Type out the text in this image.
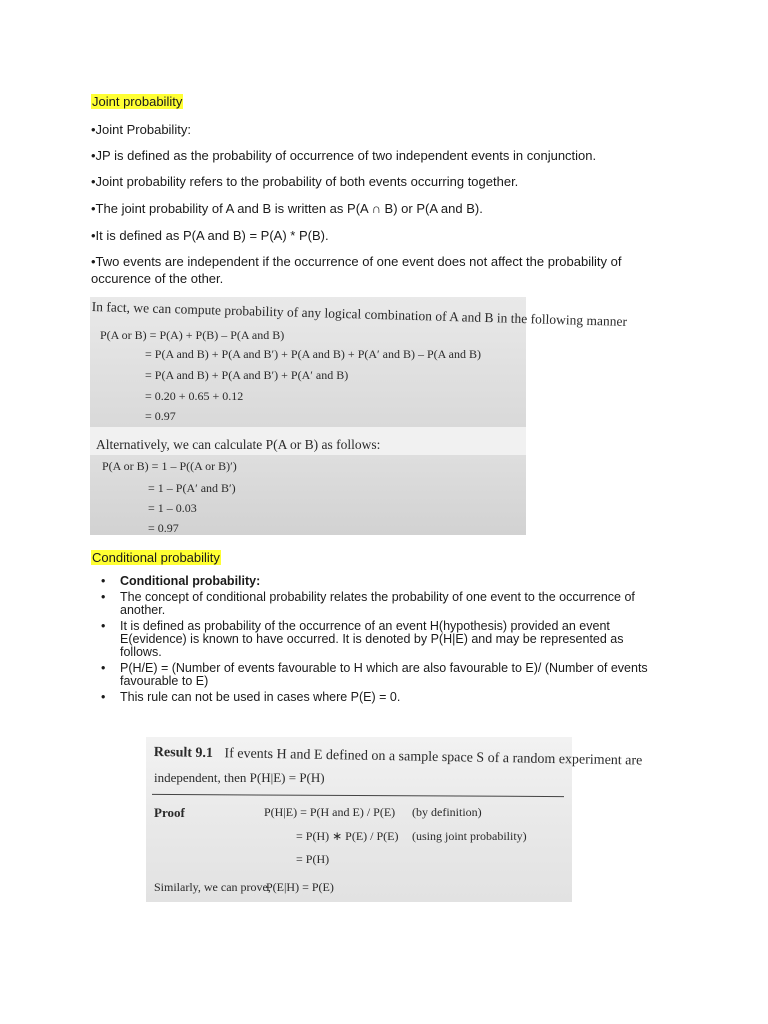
Joint probability
•Joint Probability:
•JP is defined as the probability of occurrence of two independent events in conjunction.
•Joint probability refers to the probability of both events occurring together.
•The joint probability of A and B is written as P(A ∩ B) or P(A and B).
•It is defined as P(A and B) = P(A) * P(B).
•Two events are independent if the occurrence of one event does not affect the probability of occurence of the other.
In fact, we can compute probability of any logical combination of A and B in the following manner
P(A or B) = P(A) + P(B) – P(A and B)
= P(A and B) + P(A and B′) + P(A and B) + P(A′ and B) – P(A and B)
= P(A and B) + P(A and B′) + P(A′ and B)
= 0.20 + 0.65 + 0.12
= 0.97
Alternatively, we can calculate P(A or B) as follows:
P(A or B) = 1 – P((A or B)′)
= 1 – P(A′ and B′)
= 1 – 0.03
= 0.97
Conditional probability
• Conditional probability:
• The concept of conditional probability relates the probability of one event to the occurrence of another.
• It is defined as probability of the occurrence of an event H(hypothesis) provided an event E(evidence) is known to have occurred. It is denoted by P(H|E) and may be represented as follows.
• P(H/E) = (Number of events favourable to H which are also favourable to E)/ (Number of events favourable to E)
• This rule can not be used in cases where P(E) = 0.
Result 9.1 If events H and E defined on a sample space S of a random experiment are
independent, then P(H|E) = P(H)
Proof	P(H|E) = P(H and E) / P(E) (by definition)
= P(H) ∗ P(E) / P(E) (using joint probability)
= P(H)
Similarly, we can prove,
P(E|H) = P(E)
